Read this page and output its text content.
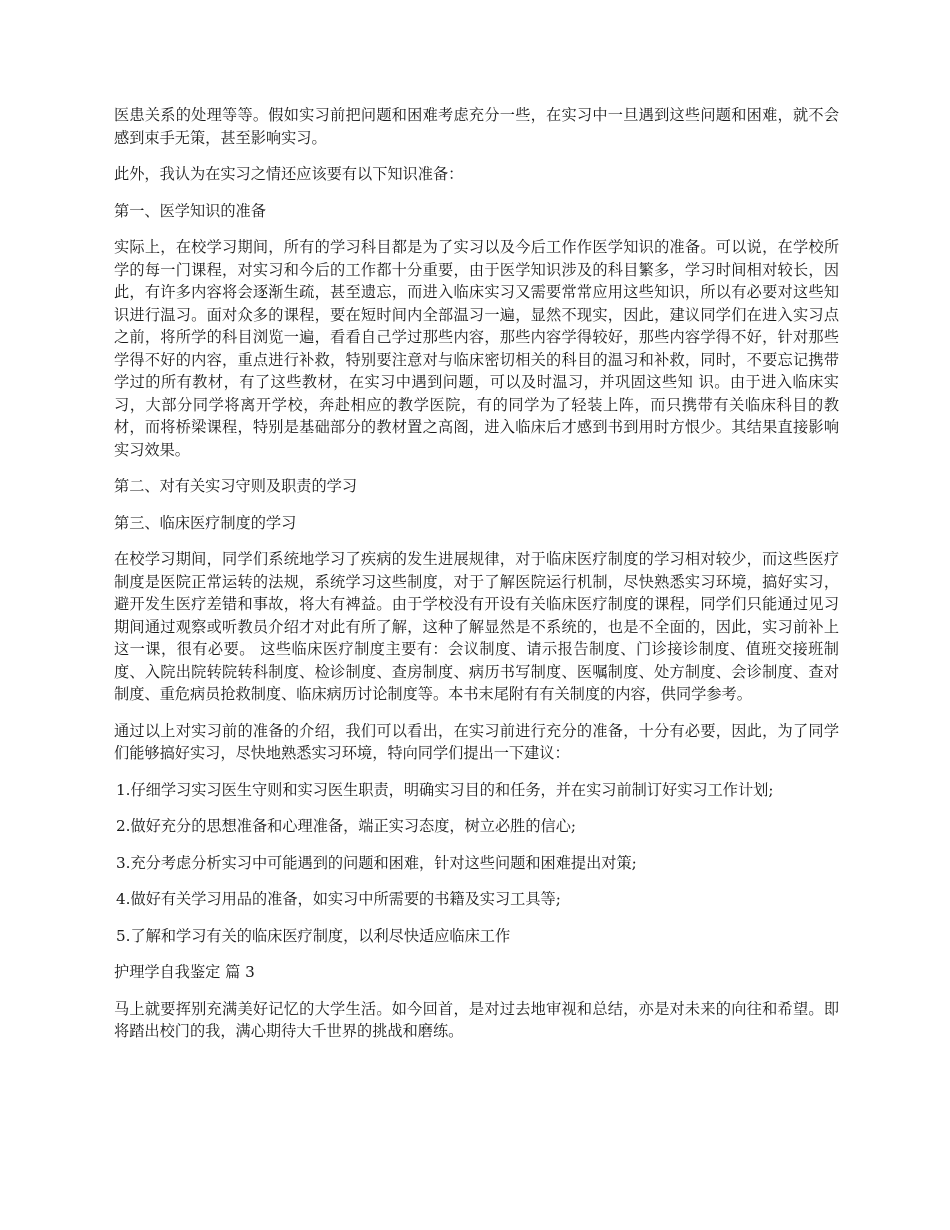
医患关系的处理等等。假如实习前把问题和困难考虑充分一些，在实习中一旦遇到这些问题和困难，就不会感到束手无策，甚至影响实习。

此外，我认为在实习之情还应该要有以下知识准备：

第一、医学知识的准备

实际上，在校学习期间，所有的学习科目都是为了实习以及今后工作作医学知识的准备。可以说，在学校所学的每一门课程，对实习和今后的工作都十分重要，由于医学知识涉及的科目繁多，学习时间相对较长，因此，有许多内容将会逐渐生疏，甚至遗忘，而进入临床实习又需要常常应用这些知识，所以有必要对这些知识进行温习。面对众多的课程，要在短时间内全部温习一遍，显然不现实，因此，建议同学们在进入实习点之前，将所学的科目浏览一遍，看看自己学过那些内容，那些内容学得较好，那些内容学得不好，针对那些学得不好的内容，重点进行补救，特别要注意对与临床密切相关的科目的温习和补救，同时，不要忘记携带学过的所有教材，有了这些教材，在实习中遇到问题，可以及时温习，并巩固这些知 识。由于进入临床实习，大部分同学将离开学校，奔赴相应的教学医院，有的同学为了轻装上阵，而只携带有关临床科目的教材，而将桥梁课程，特别是基础部分的教材置之高阁，进入临床后才感到书到用时方恨少。其结果直接影响实习效果。

第二、对有关实习守则及职责的学习

第三、临床医疗制度的学习

在校学习期间，同学们系统地学习了疾病的发生进展规律，对于临床医疗制度的学习相对较少，而这些医疗制度是医院正常运转的法规，系统学习这些制度，对于了解医院运行机制，尽快熟悉实习环境，搞好实习，避开发生医疗差错和事故，将大有裨益。由于学校没有开设有关临床医疗制度的课程，同学们只能通过见习期间通过观察或听教员介绍才对此有所了解，这种了解显然是不系统的，也是不全面的，因此，实习前补上这一课，很有必要。 这些临床医疗制度主要有：会议制度、请示报告制度、门诊接诊制度、值班交接班制度、入院出院转院转科制度、检诊制度、查房制度、病历书写制度、医嘱制度、处方制度、会诊制度、查对制度、重危病员抢救制度、临床病历讨论制度等。本书末尾附有有关制度的内容，供同学参考。

通过以上对实习前的准备的介绍，我们可以看出，在实习前进行充分的准备，十分有必要，因此，为了同学们能够搞好实习，尽快地熟悉实习环境，特向同学们提出一下建议：

1.仔细学习实习医生守则和实习医生职责，明确实习目的和任务，并在实习前制订好实习工作计划;

2.做好充分的思想准备和心理准备，端正实习态度，树立必胜的信心;

3.充分考虑分析实习中可能遇到的问题和困难，针对这些问题和困难提出对策;

4.做好有关学习用品的准备，如实习中所需要的书籍及实习工具等;

5.了解和学习有关的临床医疗制度，以利尽快适应临床工作

护理学自我鉴定 篇 3

马上就要挥别充满美好记忆的大学生活。如今回首，是对过去地审视和总结，亦是对未来的向往和希望。即将踏出校门的我，满心期待大千世界的挑战和磨练。
